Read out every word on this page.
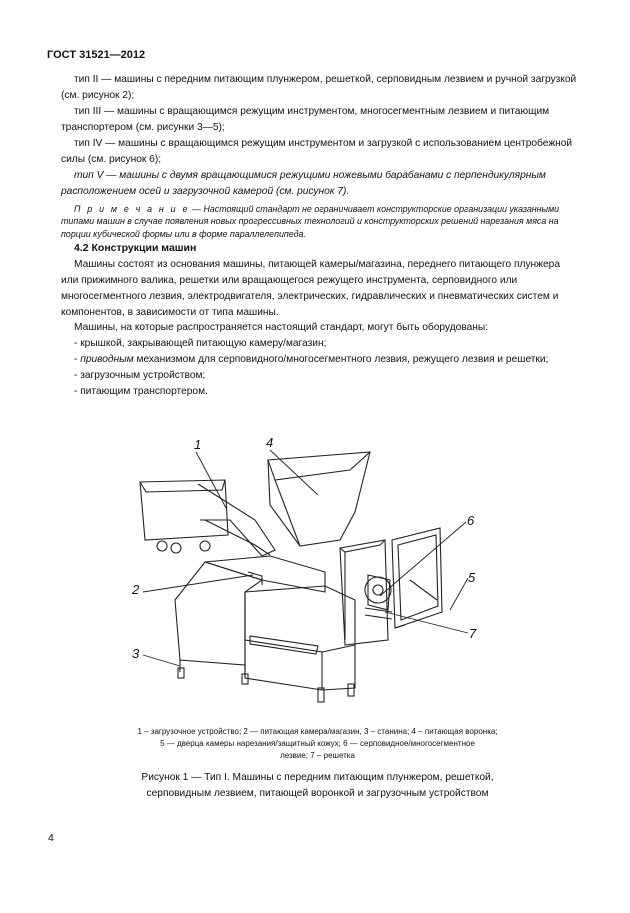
ГОСТ 31521—2012
тип II — машины с передним питающим плунжером, решеткой, серповидным лезвием и ручной загрузкой (см. рисунок 2);
тип III — машины с вращающимся режущим инструментом, многосегментным лезвием и питающим транспортером (см. рисунки 3—5);
тип IV — машины с вращающимся режущим инструментом и загрузкой с использованием центробежной силы (см. рисунок 6);
тип V — машины с двумя вращающимися режущими ножевыми барабанами с перпендикулярным расположением осей и загрузочной камерой (см. рисунок 7).
П р и м е ч а н и е — Настоящий стандарт не ограничивает конструкторские организации указанными типами машин в случае появления новых прогрессивных технологий и конструкторских решений нарезания мяса на порции кубической формы или в форме параллелепипеда.
4.2 Конструкции машин
Машины состоят из основания машины, питающей камеры/магазина, переднего питающего плунжера или прижимного валика, решетки или вращающегося режущего инструмента, серповидного или многосегментного лезвия, электродвигателя, электрических, гидравлических и пневматических систем и компонентов, в зависимости от типа машины.
Машины, на которые распространяется настоящий стандарт, могут быть оборудованы:
- крышкой, закрывающей питающую камеру/магазин;
- приводным механизмом для серповидного/многосегментного лезвия, режущего лезвия и решетки;
- загрузочным устройством;
- питающим транспортером.
1	4
2
3
6
5
7
1 – загрузочное устройство; 2 — питающая камера/магазин, 3 – станина; 4 – питающая воронка;
5 — дверца камеры нарезания/защитный кожух; 6 — серповидное/многосегментное
лезвие; 7 – решетка
Рисунок 1 — Тип I. Машины с передним питающим плунжером, решеткой,
серповидным лезвием, питающей воронкой и загрузочным устройством
4
